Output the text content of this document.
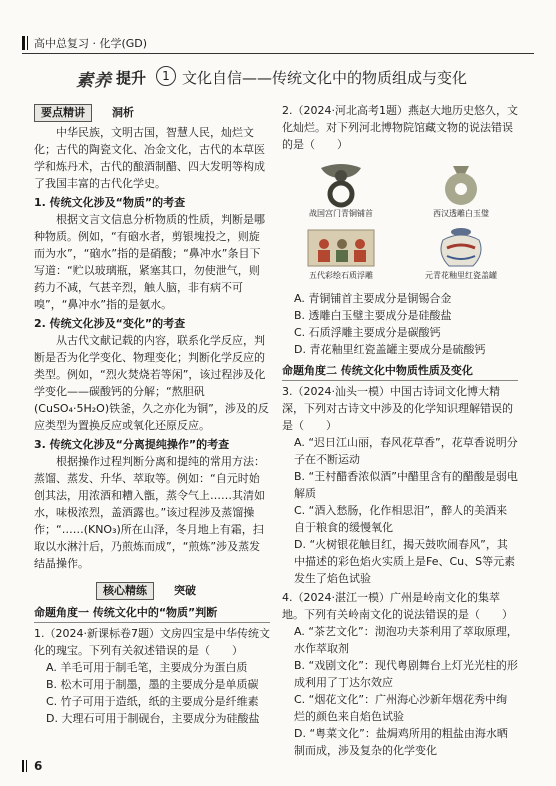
高中总复习 · 化学(GD)
素养 提升	1 文化自信——传统文化中的物质组成与变化
要点精讲	洞析

中华民族，文明古国，智慧人民，灿烂文化；古代的陶瓷文化、冶金文化，古代的本草医学和炼丹术，古代的酿酒制醋、四大发明等构成了我国丰富的古代化学史。

1. 传统文化涉及“物质”的考查

根据文言文信息分析物质的性质，判断是哪种物质。例如，“有硇水者，剪银塊投之，则旋而为水”，“硇水”指的是硝酸；“鼻冲水”条目下写道：“贮以玻璃瓶，紧塞其口，勿使泄气，则药力不减，气甚辛烈，触人脑，非有病不可嗅”，“鼻冲水”指的是氨水。

2. 传统文化涉及“变化”的考查

从古代文献记载的内容，联系化学反应，判断是否为化学变化、物理变化；判断化学反应的类型。例如，“烈火焚烧若等闲”，该过程涉及化学变化——碳酸钙的分解；“熬胆矾(CuSO₄·5H₂O)铁釜，久之亦化为铜”，涉及的反应类型为置换反应或氧化还原反应。

3. 传统文化涉及“分离提纯操作”的考查

根据操作过程判断分离和提纯的常用方法：蒸馏、蒸发、升华、萃取等。例如：“自元时始创其法，用浓酒和糟入甑，蒸令气上……其清如水，味极浓烈，盖酒露也。”该过程涉及蒸馏操作；“……(KNO₃)所在山泽，冬月地上有霜，扫取以水淋汁后，乃煎炼而成”，“煎炼”涉及蒸发结晶操作。

核心精练	突破
命题角度一 传统文化中的“物质”判断

1.（2024·新课标卷7题）文房四宝是中华传统文化的瑰宝。下列有关叙述错误的是（　　）

A. 羊毛可用于制毛笔，主要成分为蛋白质

B. 松木可用于制墨，墨的主要成分是单质碳

C. 竹子可用于造纸，纸的主要成分是纤维素

D. 大理石可用于制砚台，主要成分为硅酸盐

2.（2024·河北高考1题）燕赵大地历史悠久，文化灿烂。对下列河北博物院馆藏文物的说法错误的是（　　）

战国宫门青铜铺首	西汉透雕白玉璧
五代彩绘石质浮雕	元青花釉里红瓷盖罐

A. 青铜铺首主要成分是铜锡合金

B. 透雕白玉璧主要成分是硅酸盐

C. 石质浮雕主要成分是碳酸钙

D. 青花釉里红瓷盖罐主要成分是硫酸钙

命题角度二 传统文化中物质性质及变化

3.（2024·汕头一模）中国古诗词文化博大精深，下列对古诗文中涉及的化学知识理解错误的是（　　）

A. “迟日江山丽，春风花草香”，花草香说明分子在不断运动

B. “王村醋香浓似酒”中醋里含有的醋酸是弱电解质

C. “酒入愁肠，化作相思泪”，醉人的美酒来自于粮食的缓慢氧化

D. “火树银花触目红，揭天鼓吹闹春风”，其中描述的彩色焰火实质上是Fe、Cu、S等元素发生了焰色试验

4.（2024·湛江一模）广州是岭南文化的集萃地。下列有关岭南文化的说法错误的是（　　）

A. “茶艺文化”：沏泡功夫茶利用了萃取原理，水作萃取剂

B. “戏剧文化”：现代粤剧舞台上灯光光柱的形成利用了丁达尔效应

C. “烟花文化”：广州海心沙新年烟花秀中绚烂的颜色来自焰色试验

D. “粤菜文化”：盐焗鸡所用的粗盐由海水晒制而成，涉及复杂的化学变化

6
